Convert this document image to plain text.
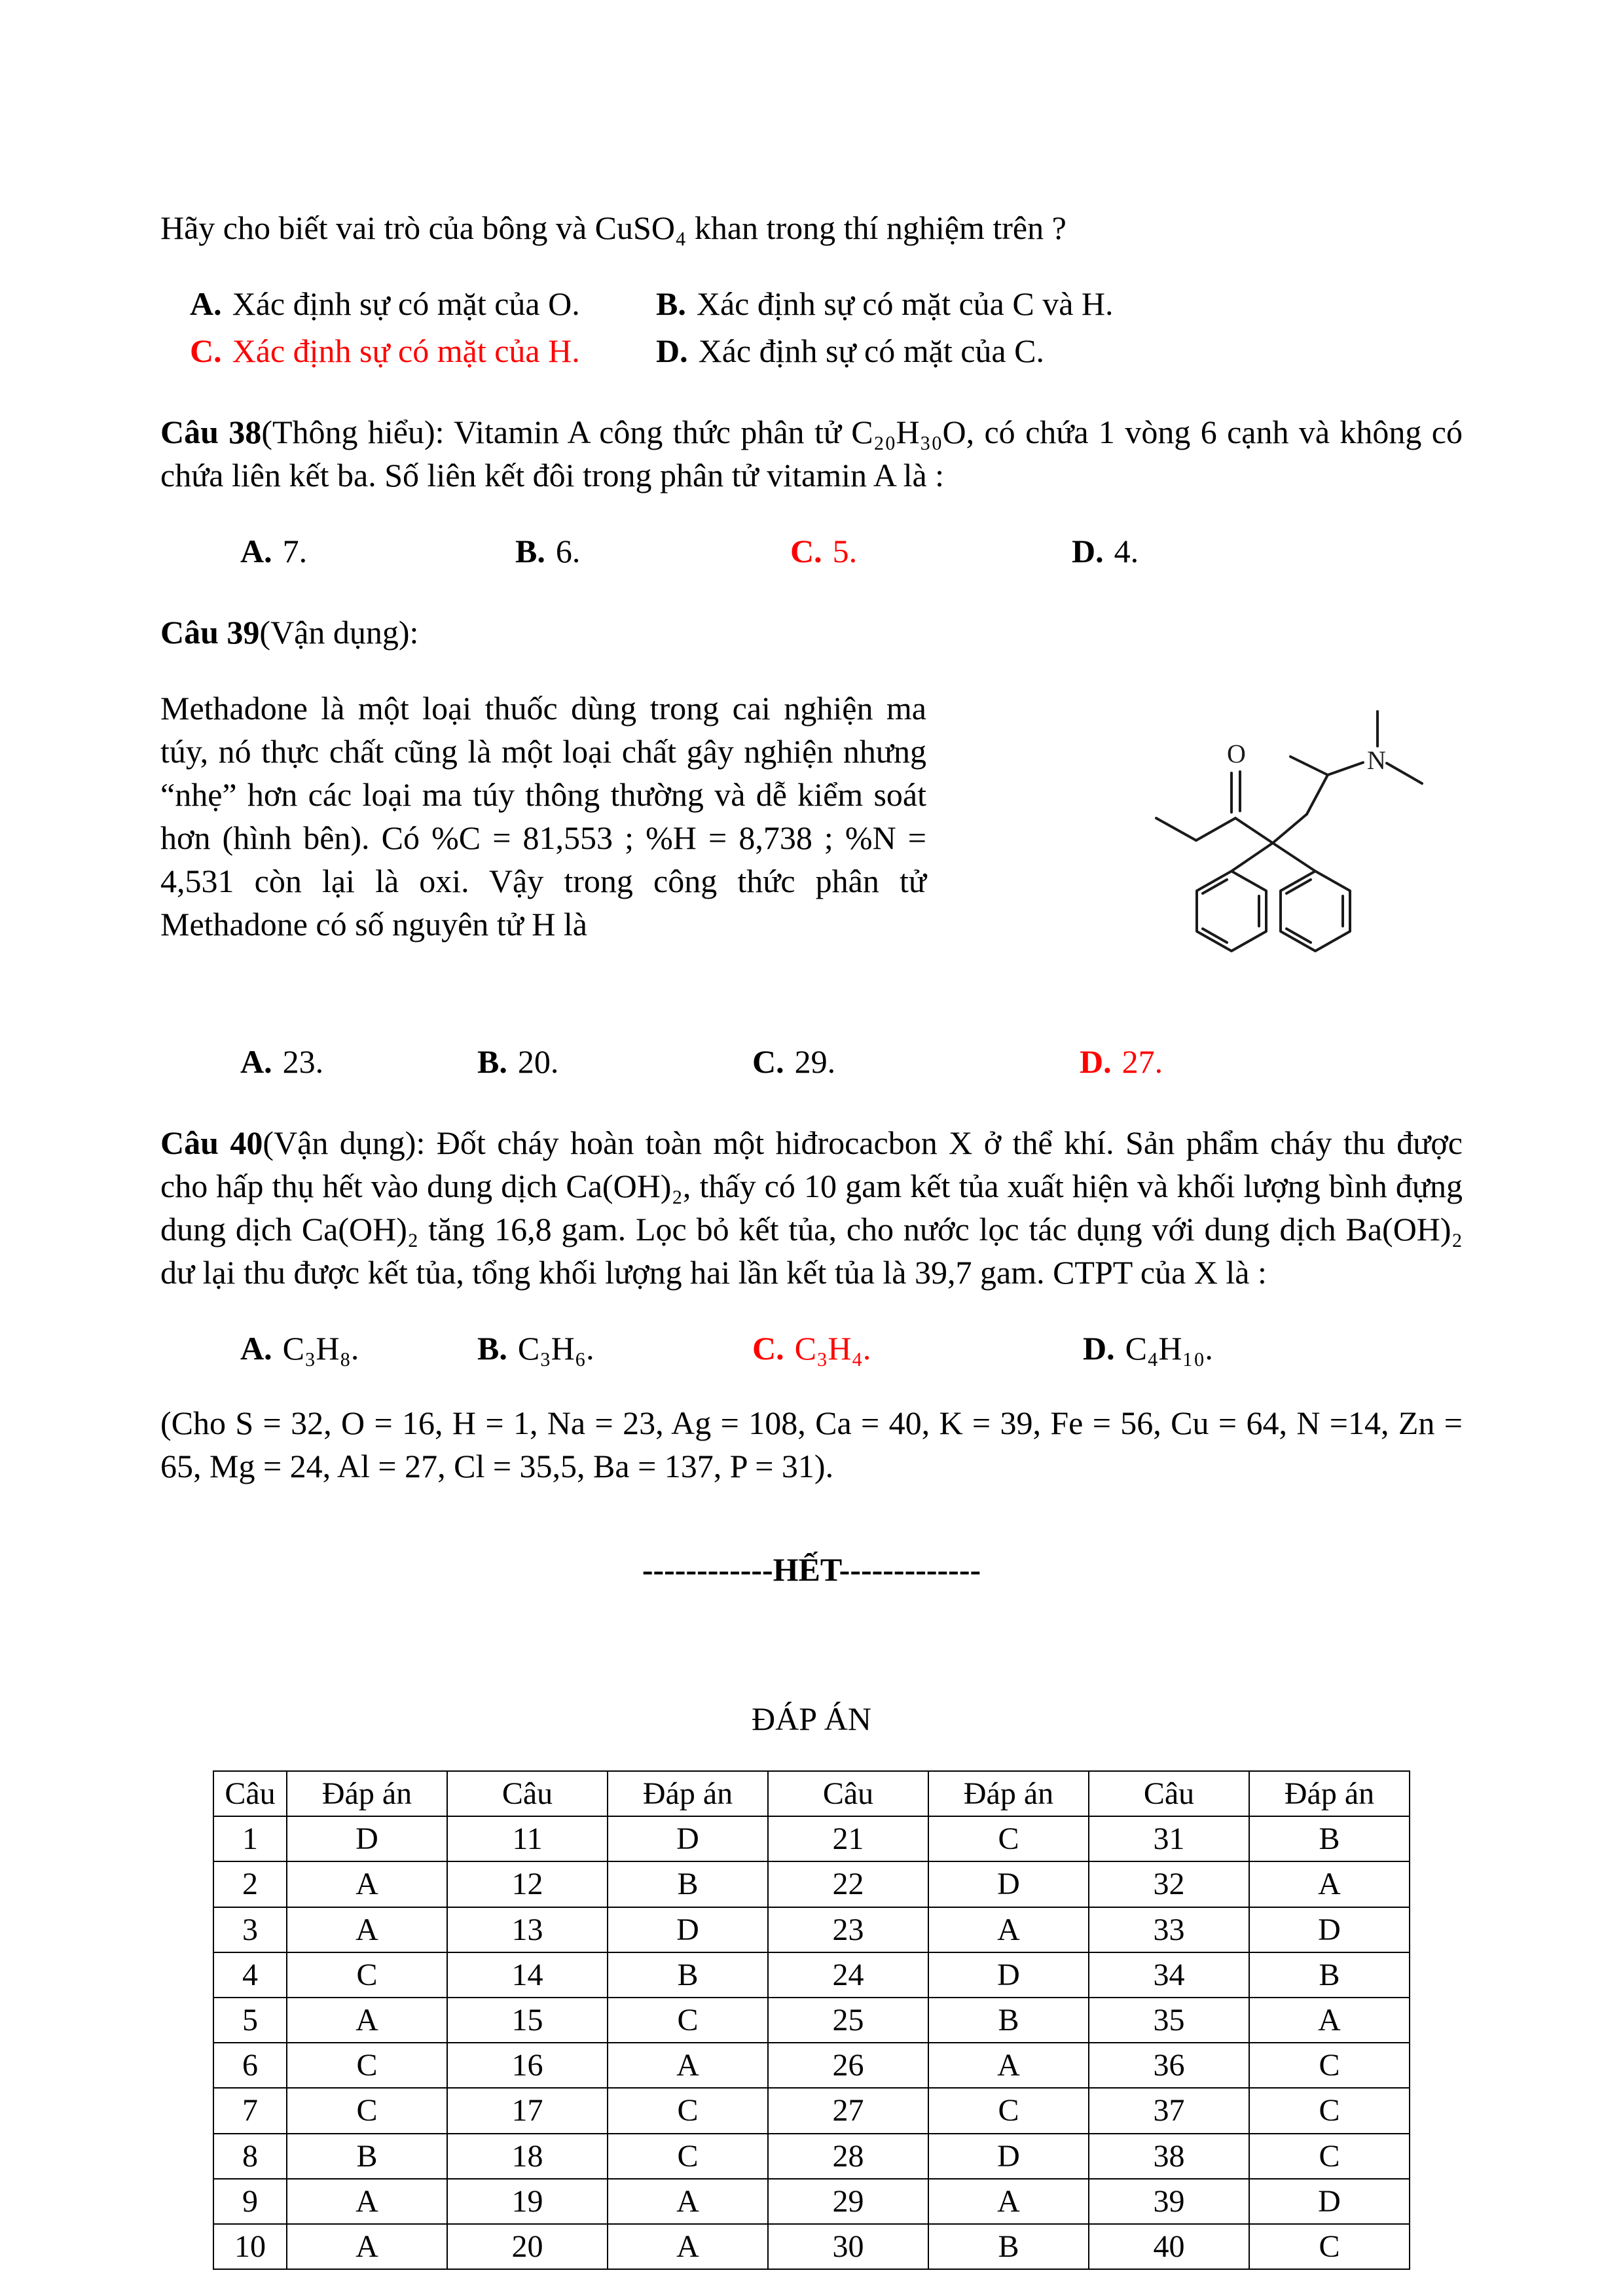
Hãy cho biết vai trò của bông và CuSO₄ khan trong thí nghiệm trên ?

A. Xác định sự có mặt của O.	B. Xác định sự có mặt của C và H.
C. Xác định sự có mặt của H.	D. Xác định sự có mặt của C.

Câu 38(Thông hiểu): Vitamin A công thức phân tử C₂₀H₃₀O, có chứa 1 vòng 6 cạnh và không có chứa liên kết ba. Số liên kết đôi trong phân tử vitamin A là :

A. 7.	B. 6.	C. 5.	D. 4.

Câu 39(Vận dụng):

Methadone là một loại thuốc dùng trong cai nghiện ma túy, nó thực chất cũng là một loại chất gây nghiện nhưng “nhẹ” hơn các loại ma túy thông thường và dễ kiểm soát hơn (hình bên). Có %C = 81,553 ; %H = 8,738 ; %N = 4,531 còn lại là oxi. Vậy trong công thức phân tử Methadone có số nguyên tử H là
O	N
A. 23.	B. 20.	C. 29.	D. 27.

Câu 40(Vận dụng): Đốt cháy hoàn toàn một hiđrocacbon X ở thể khí. Sản phẩm cháy thu được cho hấp thụ hết vào dung dịch Ca(OH)₂, thấy có 10 gam kết tủa xuất hiện và khối lượng bình đựng dung dịch Ca(OH)₂ tăng 16,8 gam. Lọc bỏ kết tủa, cho nước lọc tác dụng với dung dịch Ba(OH)₂ dư lại thu được kết tủa, tổng khối lượng hai lần kết tủa là 39,7 gam. CTPT của X là :

A. C₃H₈.	B. C₃H₆.	C. C₃H₄.	D. C₄H₁₀.

(Cho S = 32, O = 16, H = 1, Na = 23, Ag = 108, Ca = 40, K = 39, Fe = 56, Cu = 64, N =14, Zn = 65, Mg = 24, Al = 27, Cl = 35,5, Ba = 137, P = 31).

------------HẾT-------------

ĐÁP ÁN

Câu	Đáp án	Câu	Đáp án	Câu	Đáp án	Câu	Đáp án
1	D	11	D	21	C	31	B
2	A	12	B	22	D	32	A
3	A	13	D	23	A	33	D
4	C	14	B	24	D	34	B
5	A	15	C	25	B	35	A
6	C	16	A	26	A	36	C
7	C	17	C	27	C	37	C
8	B	18	C	28	D	38	C
9	A	19	A	29	A	39	D
10	A	20	A	30	B	40	C
